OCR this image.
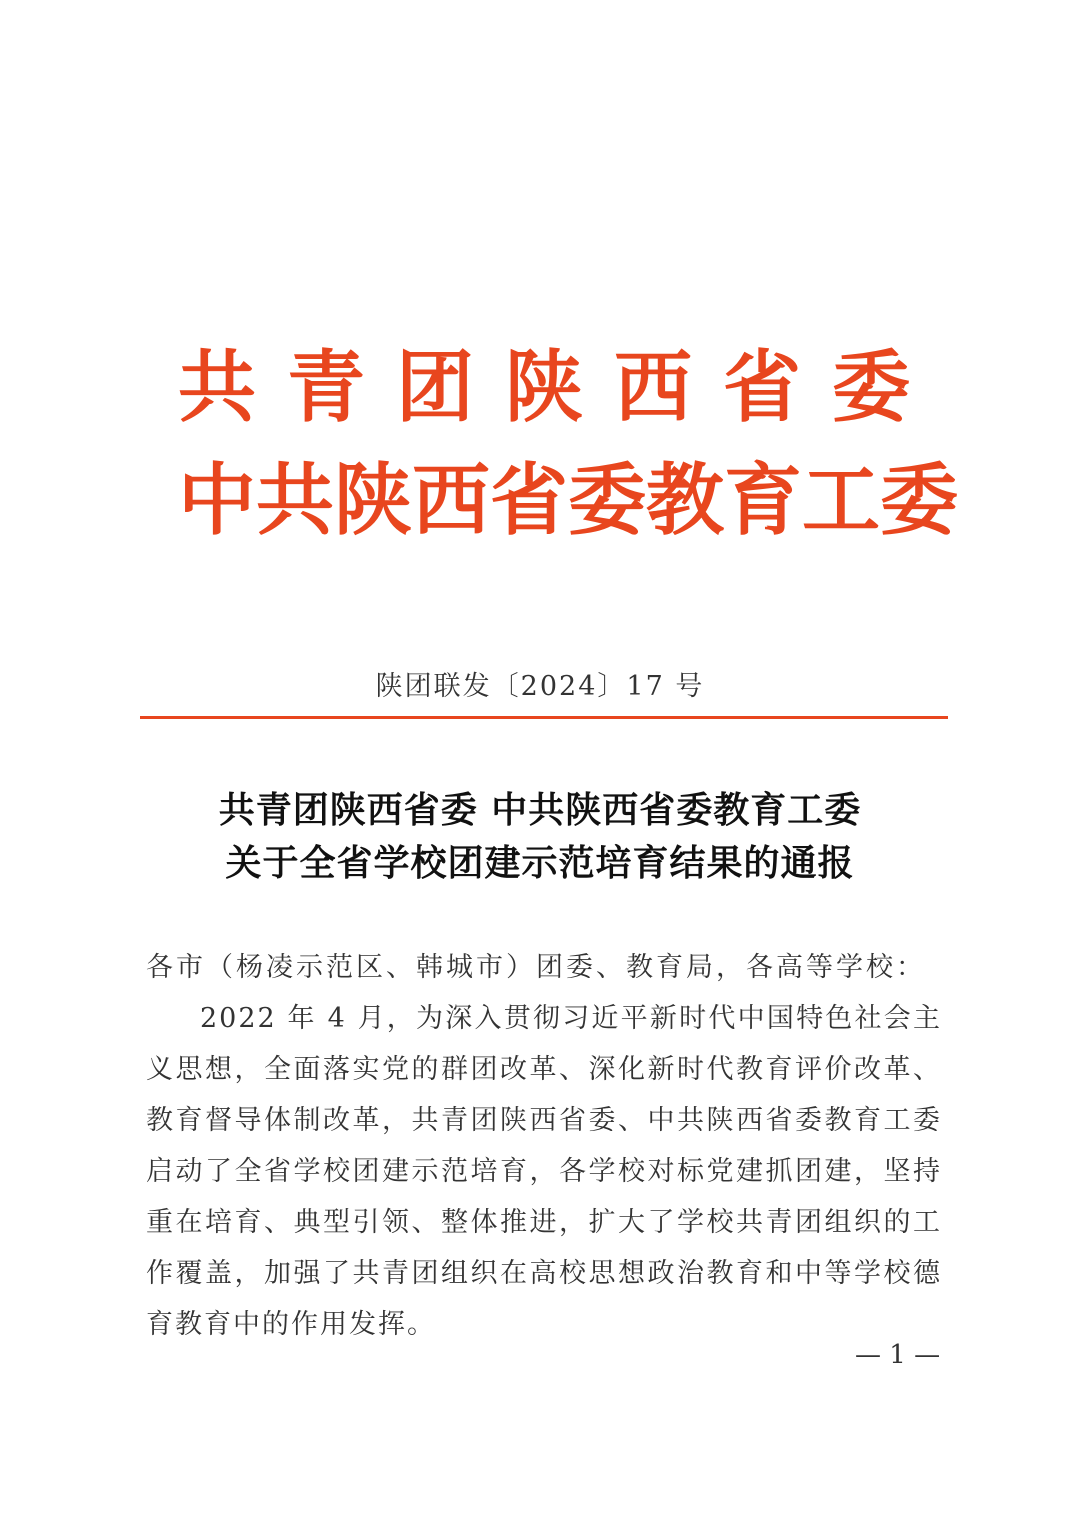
共青团陕西省委
中共陕西省委教育工委
陕团联发〔2024〕17 号
共青团陕西省委 中共陕西省委教育工委
关于全省学校团建示范培育结果的通报
各市（杨凌示范区、韩城市）团委、教育局，各高等学校：
2022 年 4 月，为深入贯彻习近平新时代中国特色社会主义思想，全面落实党的群团改革、深化新时代教育评价改革、教育督导体制改革，共青团陕西省委、中共陕西省委教育工委启动了全省学校团建示范培育，各学校对标党建抓团建，坚持重在培育、典型引领、整体推进，扩大了学校共青团组织的工作覆盖，加强了共青团组织在高校思想政治教育和中等学校德育教育中的作用发挥。
— 1 —
